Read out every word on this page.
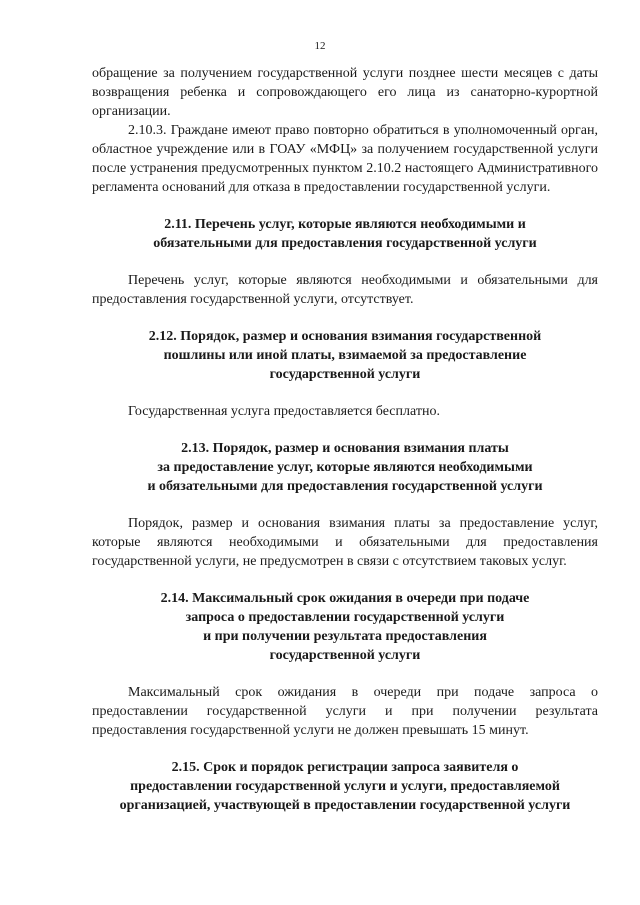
12

обращение за получением государственной услуги позднее шести месяцев с даты возвращения ребенка и сопровождающего его лица из санаторно-курортной организации.

2.10.3. Граждане имеют право повторно обратиться в уполномоченный орган, областное учреждение или в ГОАУ «МФЦ» за получением государственной услуги после устранения предусмотренных пунктом 2.10.2 настоящего Административного регламента оснований для отказа в предоставлении государственной услуги.

2.11. Перечень услуг, которые являются необходимыми и
обязательными для предоставления государственной услуги

Перечень услуг, которые являются необходимыми и обязательными для предоставления государственной услуги, отсутствует.

2.12. Порядок, размер и основания взимания государственной
пошлины или иной платы, взимаемой за предоставление
государственной услуги

Государственная услуга предоставляется бесплатно.

2.13. Порядок, размер и основания взимания платы
за предоставление услуг, которые являются необходимыми
и обязательными для предоставления государственной услуги

Порядок, размер и основания взимания платы за предоставление услуг, которые являются необходимыми и обязательными для предоставления государственной услуги, не предусмотрен в связи с отсутствием таковых услуг.

2.14. Максимальный срок ожидания в очереди при подаче
запроса о предоставлении государственной услуги
и при получении результата предоставления
государственной услуги

Максимальный срок ожидания в очереди при подаче запроса о предоставлении государственной услуги и при получении результата предоставления государственной услуги не должен превышать 15 минут.

2.15. Срок и порядок регистрации запроса заявителя о
предоставлении государственной услуги и услуги, предоставляемой
организацией, участвующей в предоставлении государственной услуги
